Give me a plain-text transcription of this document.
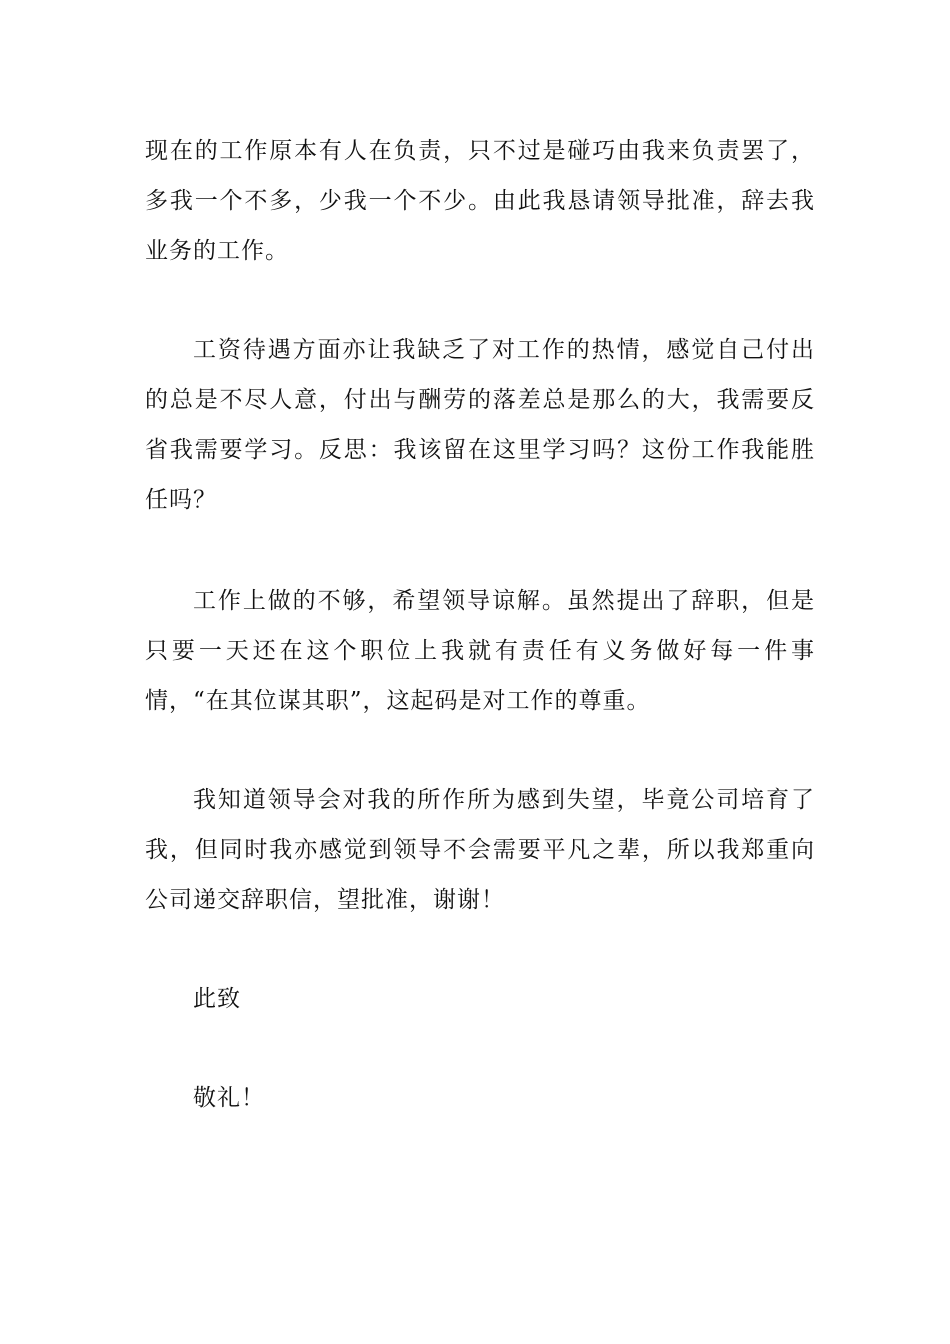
现在的工作原本有人在负责，只不过是碰巧由我来负责罢了，多我一个不多，少我一个不少。由此我恳请领导批准，辞去我业务的工作。

工资待遇方面亦让我缺乏了对工作的热情，感觉自己付出的总是不尽人意，付出与酬劳的落差总是那么的大，我需要反省我需要学习。反思：我该留在这里学习吗？这份工作我能胜任吗？

工作上做的不够，希望领导谅解。虽然提出了辞职，但是只要一天还在这个职位上我就有责任有义务做好每一件事情，“在其位谋其职”，这起码是对工作的尊重。

我知道领导会对我的所作所为感到失望，毕竟公司培育了我，但同时我亦感觉到领导不会需要平凡之辈，所以我郑重向公司递交辞职信，望批准，谢谢！

此致

敬礼！
